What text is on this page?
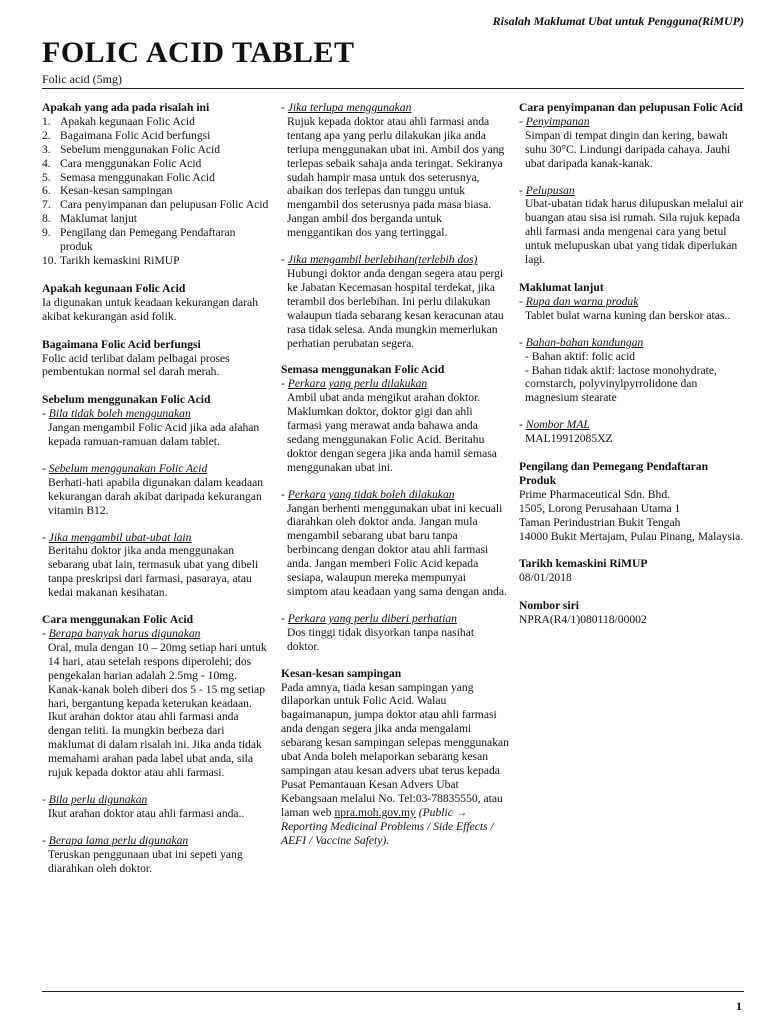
Risalah Maklumat Ubat untuk Pengguna(RiMUP)
FOLIC ACID TABLET
Folic acid (5mg)
Apakah yang ada pada risalah ini
1. Apakah kegunaan Folic Acid
2. Bagaimana Folic Acid berfungsi
3. Sebelum menggunakan Folic Acid
4. Cara menggunakan Folic Acid
5. Semasa menggunakan Folic Acid
6. Kesan-kesan sampingan
7. Cara penyimpanan dan pelupusan Folic Acid
8. Maklumat lanjut
9. Pengilang dan Pemegang Pendaftaran produk
10. Tarikh kemaskini RiMUP
Apakah kegunaan Folic Acid

Ia digunakan untuk keadaan kekurangan darah akibat kekurangan asid folik.

Bagaimana Folic Acid berfungsi

Folic acid terlibat dalam pelbagai proses pembentukan normal sel darah merah.

Sebelum menggunakan Folic Acid
- Bila tidak boleh menggunakan

Jangan mengambil Folic Acid jika ada alahan kepada ramuan-ramuan dalam tablet.

- Sebelum menggunakan Folic Acid

Berhati-hati apabila digunakan dalam keadaan kekurangan darah akibat daripada kekurangan vitamin B12.

- Jika mengambil ubat-ubat lain

Beritahu doktor jika anda menggunakan sebarang ubat lain, termasuk ubat yang dibeli tanpa preskripsi dari farmasi, pasaraya, atau kedai makanan kesihatan.

Cara menggunakan Folic Acid
- Berapa banyak harus digunakan

Oral, mula dengan 10 – 20mg setiap hari untuk 14 hari, atau setelah respons diperolehi; dos pengekalan harian adalah 2.5mg - 10mg. Kanak-kanak boleh diberi dos 5 - 15 mg setiap hari, bergantung kepada keterukan keadaan. Ikut arahan doktor atau ahli farmasi anda dengan teliti. Ia mungkin berbeza dari maklumat di dalam risalah ini. Jika anda tidak memahami arahan pada label ubat anda, sila rujuk kepada doktor atau ahli farmasi.

- Bila perlu digunakan

Ikut arahan doktor atau ahli farmasi anda..

- Berapa lama perlu digunakan

Teruskan penggunaan ubat ini sepeti yang diarahkan oleh doktor.

- Jika terlupa menggunakan

Rujuk kepada doktor atau ahli farmasi anda tentang apa yang perlu dilakukan jika anda terlupa menggunakan ubat ini. Ambil dos yang terlepas sebaik sahaja anda teringat. Sekiranya sudah hampir masa untuk dos seterusnya, abaikan dos terlepas dan tunggu untuk mengambil dos seterusnya pada masa biasa. Jangan ambil dos berganda untuk menggantikan dos yang tertinggal.

- Jika mengambil berlebihan(terlebih dos)

Hubungi doktor anda dengan segera atau pergi ke Jabatan Kecemasan hospital terdekat, jika terambil dos berlebihan. Ini perlu dilakukan walaupun tiada sebarang kesan keracunan atau rasa tidak selesa. Anda mungkin memerlukan perhatian perubatan segera.

Semasa menggunakan Folic Acid
- Perkara yang perlu dilakukan

Ambil ubat anda mengikut arahan doktor. Maklumkan doktor, doktor gigi dan ahli farmasi yang merawat anda bahawa anda sedang menggunakan Folic Acid. Beritahu doktor dengan segera jika anda hamil semasa menggunakan ubat ini.

- Perkara yang tidak boleh dilakukan

Jangan berhenti menggunakan ubat ini kecuali diarahkan oleh doktor anda. Jangan mula mengambil sebarang ubat baru tanpa berbincang dengan doktor atau ahli farmasi anda. Jangan memberi Folic Acid kepada sesiapa, walaupun mereka mempunyai simptom atau keadaan yang sama dengan anda.

- Perkara yang perlu diberi perhatian

Dos tinggi tidak disyorkan tanpa nasihat doktor.

Kesan-kesan sampingan

Pada amnya, tiada kesan sampingan yang dilaporkan untuk Folic Acid. Walau bagaimanapun, jumpa doktor atau ahli farmasi anda dengan segera jika anda mengalami sebarang kesan sampingan selepas menggunakan ubat Anda boleh melaporkan sebarang kesan sampingan atau kesan advers ubat terus kepada Pusat Pemantauan Kesan Advers Ubat Kebangsaan melalui No. Tel:03-78835550, atau laman web npra.moh.gov.my (Public → Reporting Medicinal Problems / Side Effects / AEFI / Vaccine Safety).

Cara penyimpanan dan pelupusan Folic Acid
- Penyimpanan

Simpan di tempat dingin dan kering, bawah suhu 30°C. Lindungi daripada cahaya. Jauhi ubat daripada kanak-kanak.

- Pelupusan

Ubat-ubatan tidak harus dilupuskan melalui air buangan atau sisa isi rumah. Sila rujuk kepada ahli farmasi anda mengenai cara yang betul untuk melupuskan ubat yang tidak diperlukan lagi.

Maklumat lanjut
- Rupa dan warna produk

Tablet bulat warna kuning dan berskor atas..

- Bahan-bahan kandungan

- Bahan aktif: folic acid
- Bahan tidak aktif: lactose monohydrate, cornstarch, polyvinylpyrrolidone dan magnesium stearate

- Nombor MAL

MAL19912085XZ

Pengilang dan Pemegang Pendaftaran Produk

Prime Pharmaceutical Sdn. Bhd.
1505, Lorong Perusahaan Utama 1
Taman Perindustrian Bukit Tengah
14000 Bukit Mertajam, Pulau Pinang, Malaysia.

Tarikh kemaskini RiMUP

08/01/2018

Nombor siri

NPRA(R4/1)080118/00002

1
